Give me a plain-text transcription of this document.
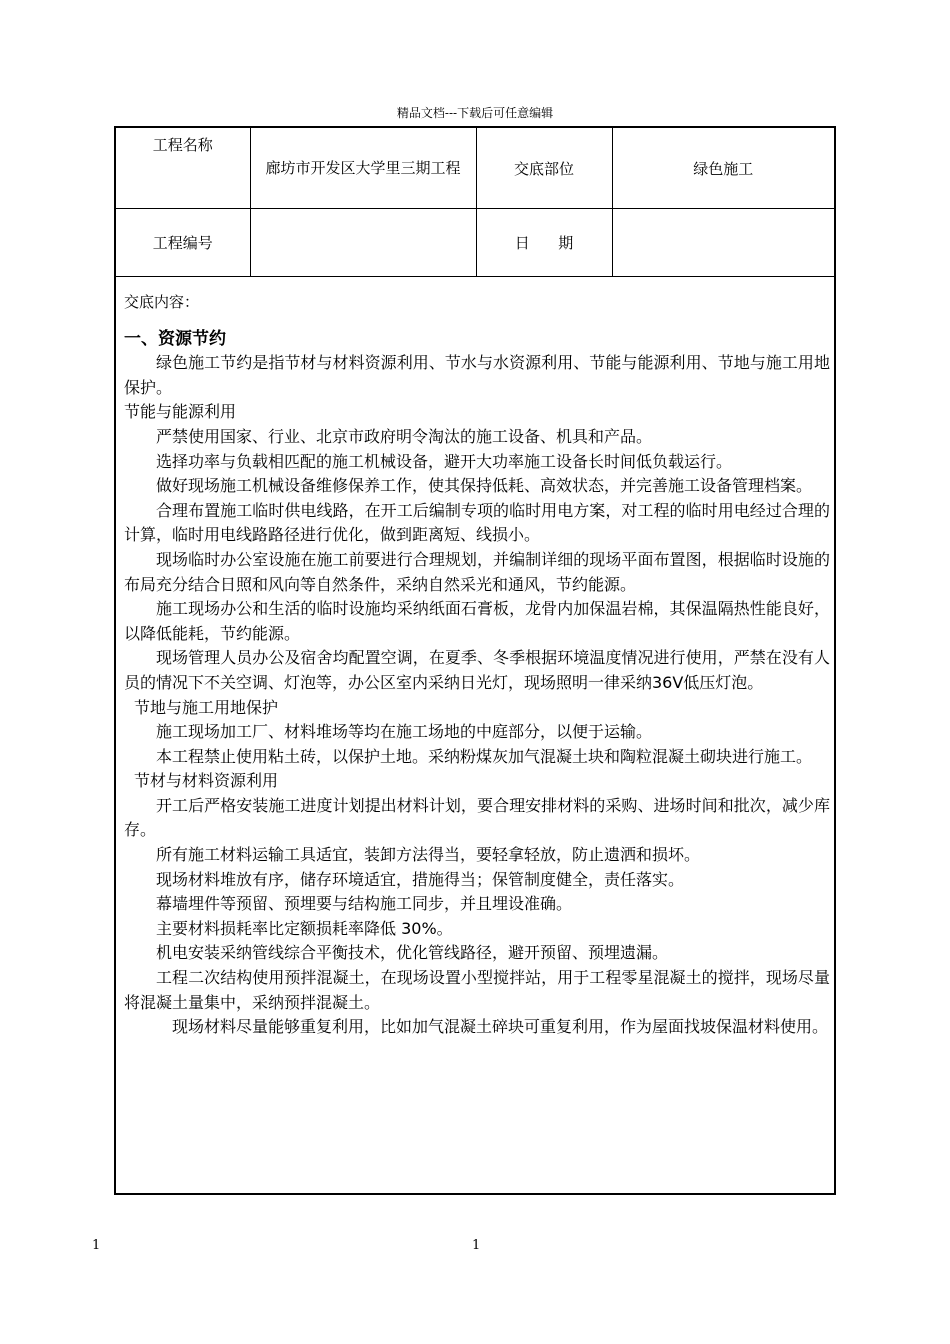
精品文档---下载后可任意编辑
工程名称	廊坊市开发区大学里三期工程	交底部位	绿色施工
工程编号		日      期	

交底内容：

一、资源节约

绿色施工节约是指节材与材料资源利用、节水与水资源利用、节能与能源利用、节地与施工用地保护。

节能与能源利用

严禁使用国家、行业、北京市政府明令淘汰的施工设备、机具和产品。

选择功率与负载相匹配的施工机械设备，避开大功率施工设备长时间低负载运行。

做好现场施工机械设备维修保养工作，使其保持低耗、高效状态，并完善施工设备管理档案。

合理布置施工临时供电线路，在开工后编制专项的临时用电方案，对工程的临时用电经过合理的计算，临时用电线路路径进行优化，做到距离短、线损小。

现场临时办公室设施在施工前要进行合理规划，并编制详细的现场平面布置图，根据临时设施的布局充分结合日照和风向等自然条件，采纳自然采光和通风，节约能源。

施工现场办公和生活的临时设施均采纳纸面石膏板，龙骨内加保温岩棉，其保温隔热性能良好，以降低能耗，节约能源。

现场管理人员办公及宿舍均配置空调，在夏季、冬季根据环境温度情况进行使用，严禁在没有人员的情况下不关空调、灯泡等，办公区室内采纳日光灯，现场照明一律采纳36V低压灯泡。

节地与施工用地保护

施工现场加工厂、材料堆场等均在施工场地的中庭部分，以便于运输。

本工程禁止使用粘土砖，以保护土地。采纳粉煤灰加气混凝土块和陶粒混凝土砌块进行施工。

节材与材料资源利用

开工后严格安装施工进度计划提出材料计划，要合理安排材料的采购、进场时间和批次，减少库存。

所有施工材料运输工具适宜，装卸方法得当，要轻拿轻放，防止遗洒和损坏。

现场材料堆放有序，储存环境适宜，措施得当；保管制度健全，责任落实。

幕墙埋件等预留、预埋要与结构施工同步，并且埋设准确。

主要材料损耗率比定额损耗率降低 30%。

机电安装采纳管线综合平衡技术，优化管线路径，避开预留、预埋遗漏。

工程二次结构使用预拌混凝土，在现场设置小型搅拌站，用于工程零星混凝土的搅拌，现场尽量将混凝土量集中，采纳预拌混凝土。

现场材料尽量能够重复利用，比如加气混凝土碎块可重复利用，作为屋面找坡保温材料使用。

1	1
